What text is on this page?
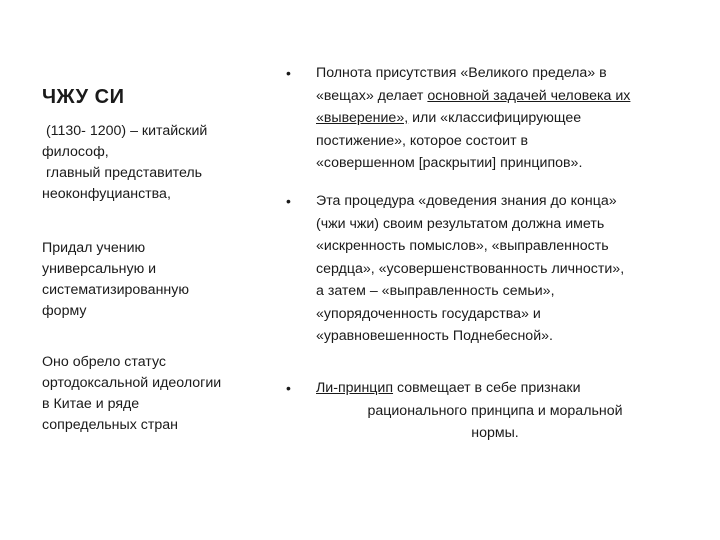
ЧЖУ СИ
(1130- 1200) – китайский
философ,
главный представитель
неоконфуцианства,
Придал учению
универсальную и
систематизированную
форму
Оно обрело статус
ортодоксальной идеологии
в Китае и ряде
сопредельных стран
• Полнота присутствия «Великого предела» в
«вещах» делает основной задачей человека их
«выверение», или «классифицирующее
постижение», которое состоит в
«совершенном [раскрытии] принципов».
• Эта процедура «доведения знания до конца»
(чжи чжи) своим результатом должна иметь
«искренность помыслов», «выправленность
сердца», «усовершенствованность личности»,
а затем – «выправленность семьи»,
«упорядоченность государства» и
«уравновешенность Поднебесной».
• Ли-принцип совмещает в себе признаки
рационального принципа и моральной
нормы.
